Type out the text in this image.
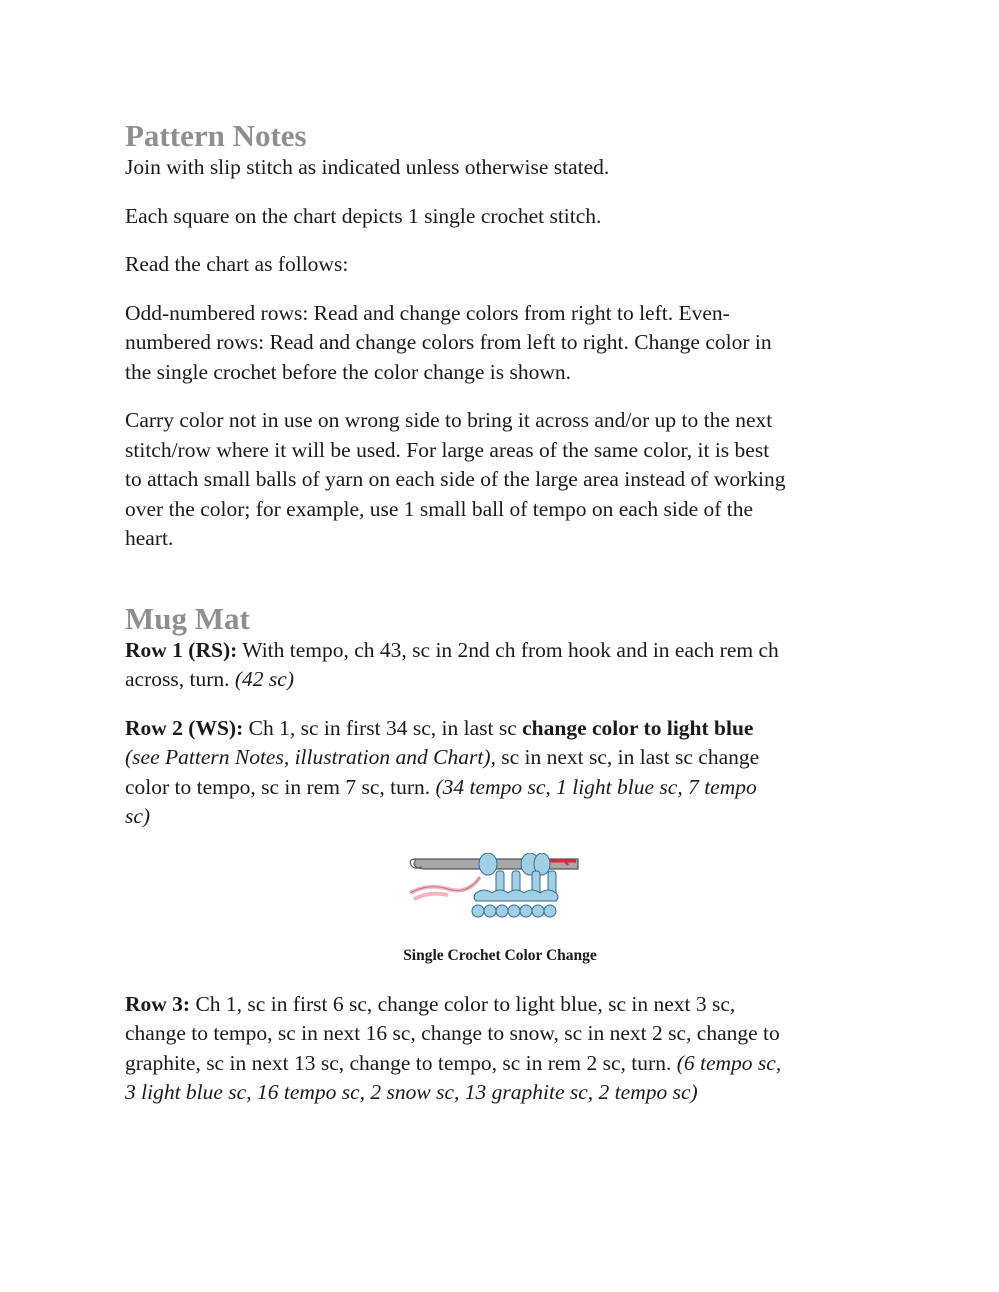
Pattern Notes

Join with slip stitch as indicated unless otherwise stated.

Each square on the chart depicts 1 single crochet stitch.

Read the chart as follows:

Odd-numbered rows: Read and change colors from right to left. Even-
numbered rows: Read and change colors from left to right. Change color in
the single crochet before the color change is shown.

Carry color not in use on wrong side to bring it across and/or up to the next
stitch/row where it will be used. For large areas of the same color, it is best
to attach small balls of yarn on each side of the large area instead of working
over the color; for example, use 1 small ball of tempo on each side of the
heart.

Mug Mat

Row 1 (RS): With tempo, ch 43, sc in 2nd ch from hook and in each rem ch
across, turn. (42 sc)

Row 2 (WS): Ch 1, sc in first 34 sc, in last sc change color to light blue
(see Pattern Notes, illustration and Chart), sc in next sc, in last sc change
color to tempo, sc in rem 7 sc, turn. (34 tempo sc, 1 light blue sc, 7 tempo
sc)

Single Crochet Color Change

Row 3: Ch 1, sc in first 6 sc, change color to light blue, sc in next 3 sc,
change to tempo, sc in next 16 sc, change to snow, sc in next 2 sc, change to
graphite, sc in next 13 sc, change to tempo, sc in rem 2 sc, turn. (6 tempo sc,
3 light blue sc, 16 tempo sc, 2 snow sc, 13 graphite sc, 2 tempo sc)
